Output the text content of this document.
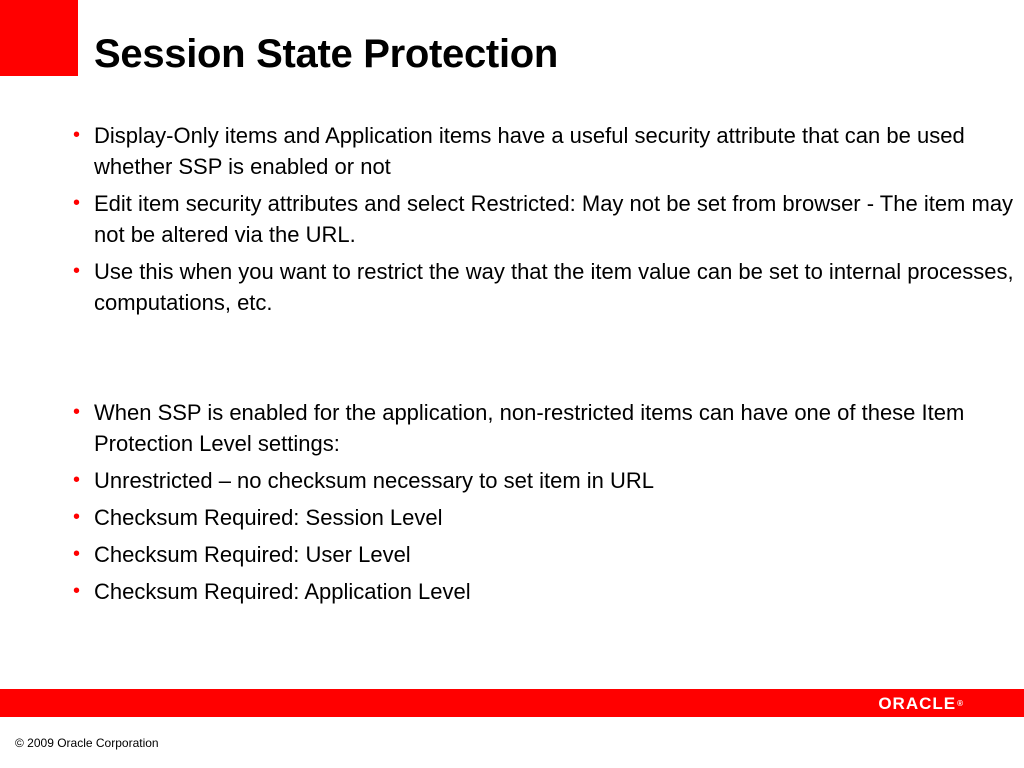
Session State Protection
• Display-Only items and Application items have a useful security attribute that can be used whether SSP is enabled or not
• Edit item security attributes and select Restricted: May not be set from browser - The item may not be altered via the URL.
• Use this when you want to restrict the way that the item value can be set to internal processes, computations, etc.
• When SSP is enabled for the application, non-restricted items can have one of these Item Protection Level settings:
• Unrestricted – no checksum necessary to set item in URL
• Checksum Required: Session Level
• Checksum Required: User Level
• Checksum Required: Application Level
ORACLE®
© 2009 Oracle Corporation
